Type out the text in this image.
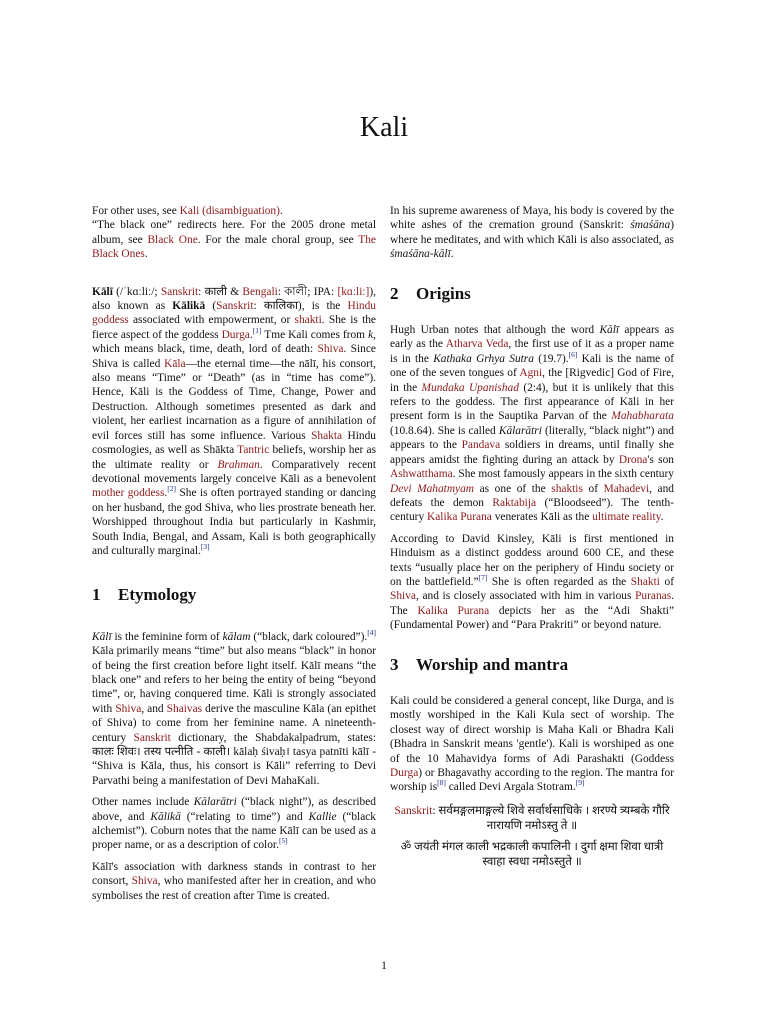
Kali

For other uses, see Kali (disambiguation).

“The black one” redirects here. For the 2005 drone metal album, see Black One. For the male choral group, see The Black Ones.

Kālī (/ˈkɑːliː/; Sanskrit: काली & Bengali: কালী; IPA: [kɑːliː]), also known as Kālikā (Sanskrit: कालिका), is the Hindu goddess associated with empowerment, or shakti. She is the fierce aspect of the goddess Durga.[1] Tme Kali comes from k, which means black, time, death, lord of death: Shiva. Since Shiva is called Kāla—the eternal time—the nālī, his consort, also means “Time” or “Death” (as in “time has come”). Hence, Kāli is the Goddess of Time, Change, Power and Destruction. Although sometimes presented as dark and violent, her earliest incarnation as a figure of annihilation of evil forces still has some influence. Various Shakta Hindu cosmologies, as well as Shākta Tantric beliefs, worship her as the ultimate reality or Brahman. Comparatively recent devotional movements largely conceive Kāli as a benevolent mother goddess.[2] She is often portrayed standing or dancing on her husband, the god Shiva, who lies prostrate beneath her. Worshipped throughout India but particularly in Kashmir, South India, Bengal, and Assam, Kali is both geographically and culturally marginal.[3]

1 Etymology

Kālī is the feminine form of kālam (“black, dark coloured”).[4] Kāla primarily means “time” but also means “black” in honor of being the first creation before light itself. Kālī means “the black one” and refers to her being the entity of being “beyond time”, or, having conquered time. Kāli is strongly associated with Shiva, and Shaivas derive the masculine Kāla (an epithet of Shiva) to come from her feminine name. A nineteenth-century Sanskrit dictionary, the Shabdakalpadrum, states: कालः शिवः। तस्य पत्नीति - काली। kālaḥ śivaḥ। tasya patnīti kālī - “Shiva is Kāla, thus, his consort is Kāli” referring to Devi Parvathi being a manifestation of Devi MahaKali.

Other names include Kālarātri (“black night”), as described above, and Kālikā (“relating to time”) and Kallie (“black alchemist”). Coburn notes that the name Kālī can be used as a proper name, or as a description of color.[5]

Kālī's association with darkness stands in contrast to her consort, Shiva, who manifested after her in creation, and who symbolises the rest of creation after Time is created.

In his supreme awareness of Maya, his body is covered by the white ashes of the cremation ground (Sanskrit: śmaśāna) where he meditates, and with which Kāli is also associated, as śmaśāna-kālī.

2 Origins

Hugh Urban notes that although the word Kālī appears as early as the Atharva Veda, the first use of it as a proper name is in the Kathaka Grhya Sutra (19.7).[6] Kali is the name of one of the seven tongues of Agni, the [Rigvedic] God of Fire, in the Mundaka Upanishad (2:4), but it is unlikely that this refers to the goddess. The first appearance of Kāli in her present form is in the Sauptika Parvan of the Mahabharata (10.8.64). She is called Kālarātri (literally, “black night”) and appears to the Pandava soldiers in dreams, until finally she appears amidst the fighting during an attack by Drona's son Ashwatthama. She most famously appears in the sixth century Devi Mahatmyam as one of the shaktis of Mahadevi, and defeats the demon Raktabija (“Bloodseed”). The tenth-century Kalika Purana venerates Kāli as the ultimate reality.

According to David Kinsley, Kāli is first mentioned in Hinduism as a distinct goddess around 600 CE, and these texts “usually place her on the periphery of Hindu society or on the battlefield.”[7] She is often regarded as the Shakti of Shiva, and is closely associated with him in various Puranas. The Kalika Purana depicts her as the “Adi Shakti” (Fundamental Power) and “Para Prakriti” or beyond nature.

3 Worship and mantra

Kali could be considered a general concept, like Durga, and is mostly worshiped in the Kali Kula sect of worship. The closest way of direct worship is Maha Kali or Bhadra Kali (Bhadra in Sanskrit means 'gentle'). Kali is worshiped as one of the 10 Mahavidya forms of Adi Parashakti (Goddess Durga) or Bhagavathy according to the region. The mantra for worship is[8] called Devi Argala Stotram.[9]

Sanskrit: सर्वमङ्गलमाङ्गल्ये शिवे सर्वार्थसाधिके । शरण्ये त्र्यम्बके गौरि नारायणि नमोऽस्तु ते ॥

ॐ जयंती मंगल काली भद्रकाली कपालिनी । दुर्गा क्षमा शिवा धात्री स्वाहा स्वधा नमोऽस्तुते ॥

1
